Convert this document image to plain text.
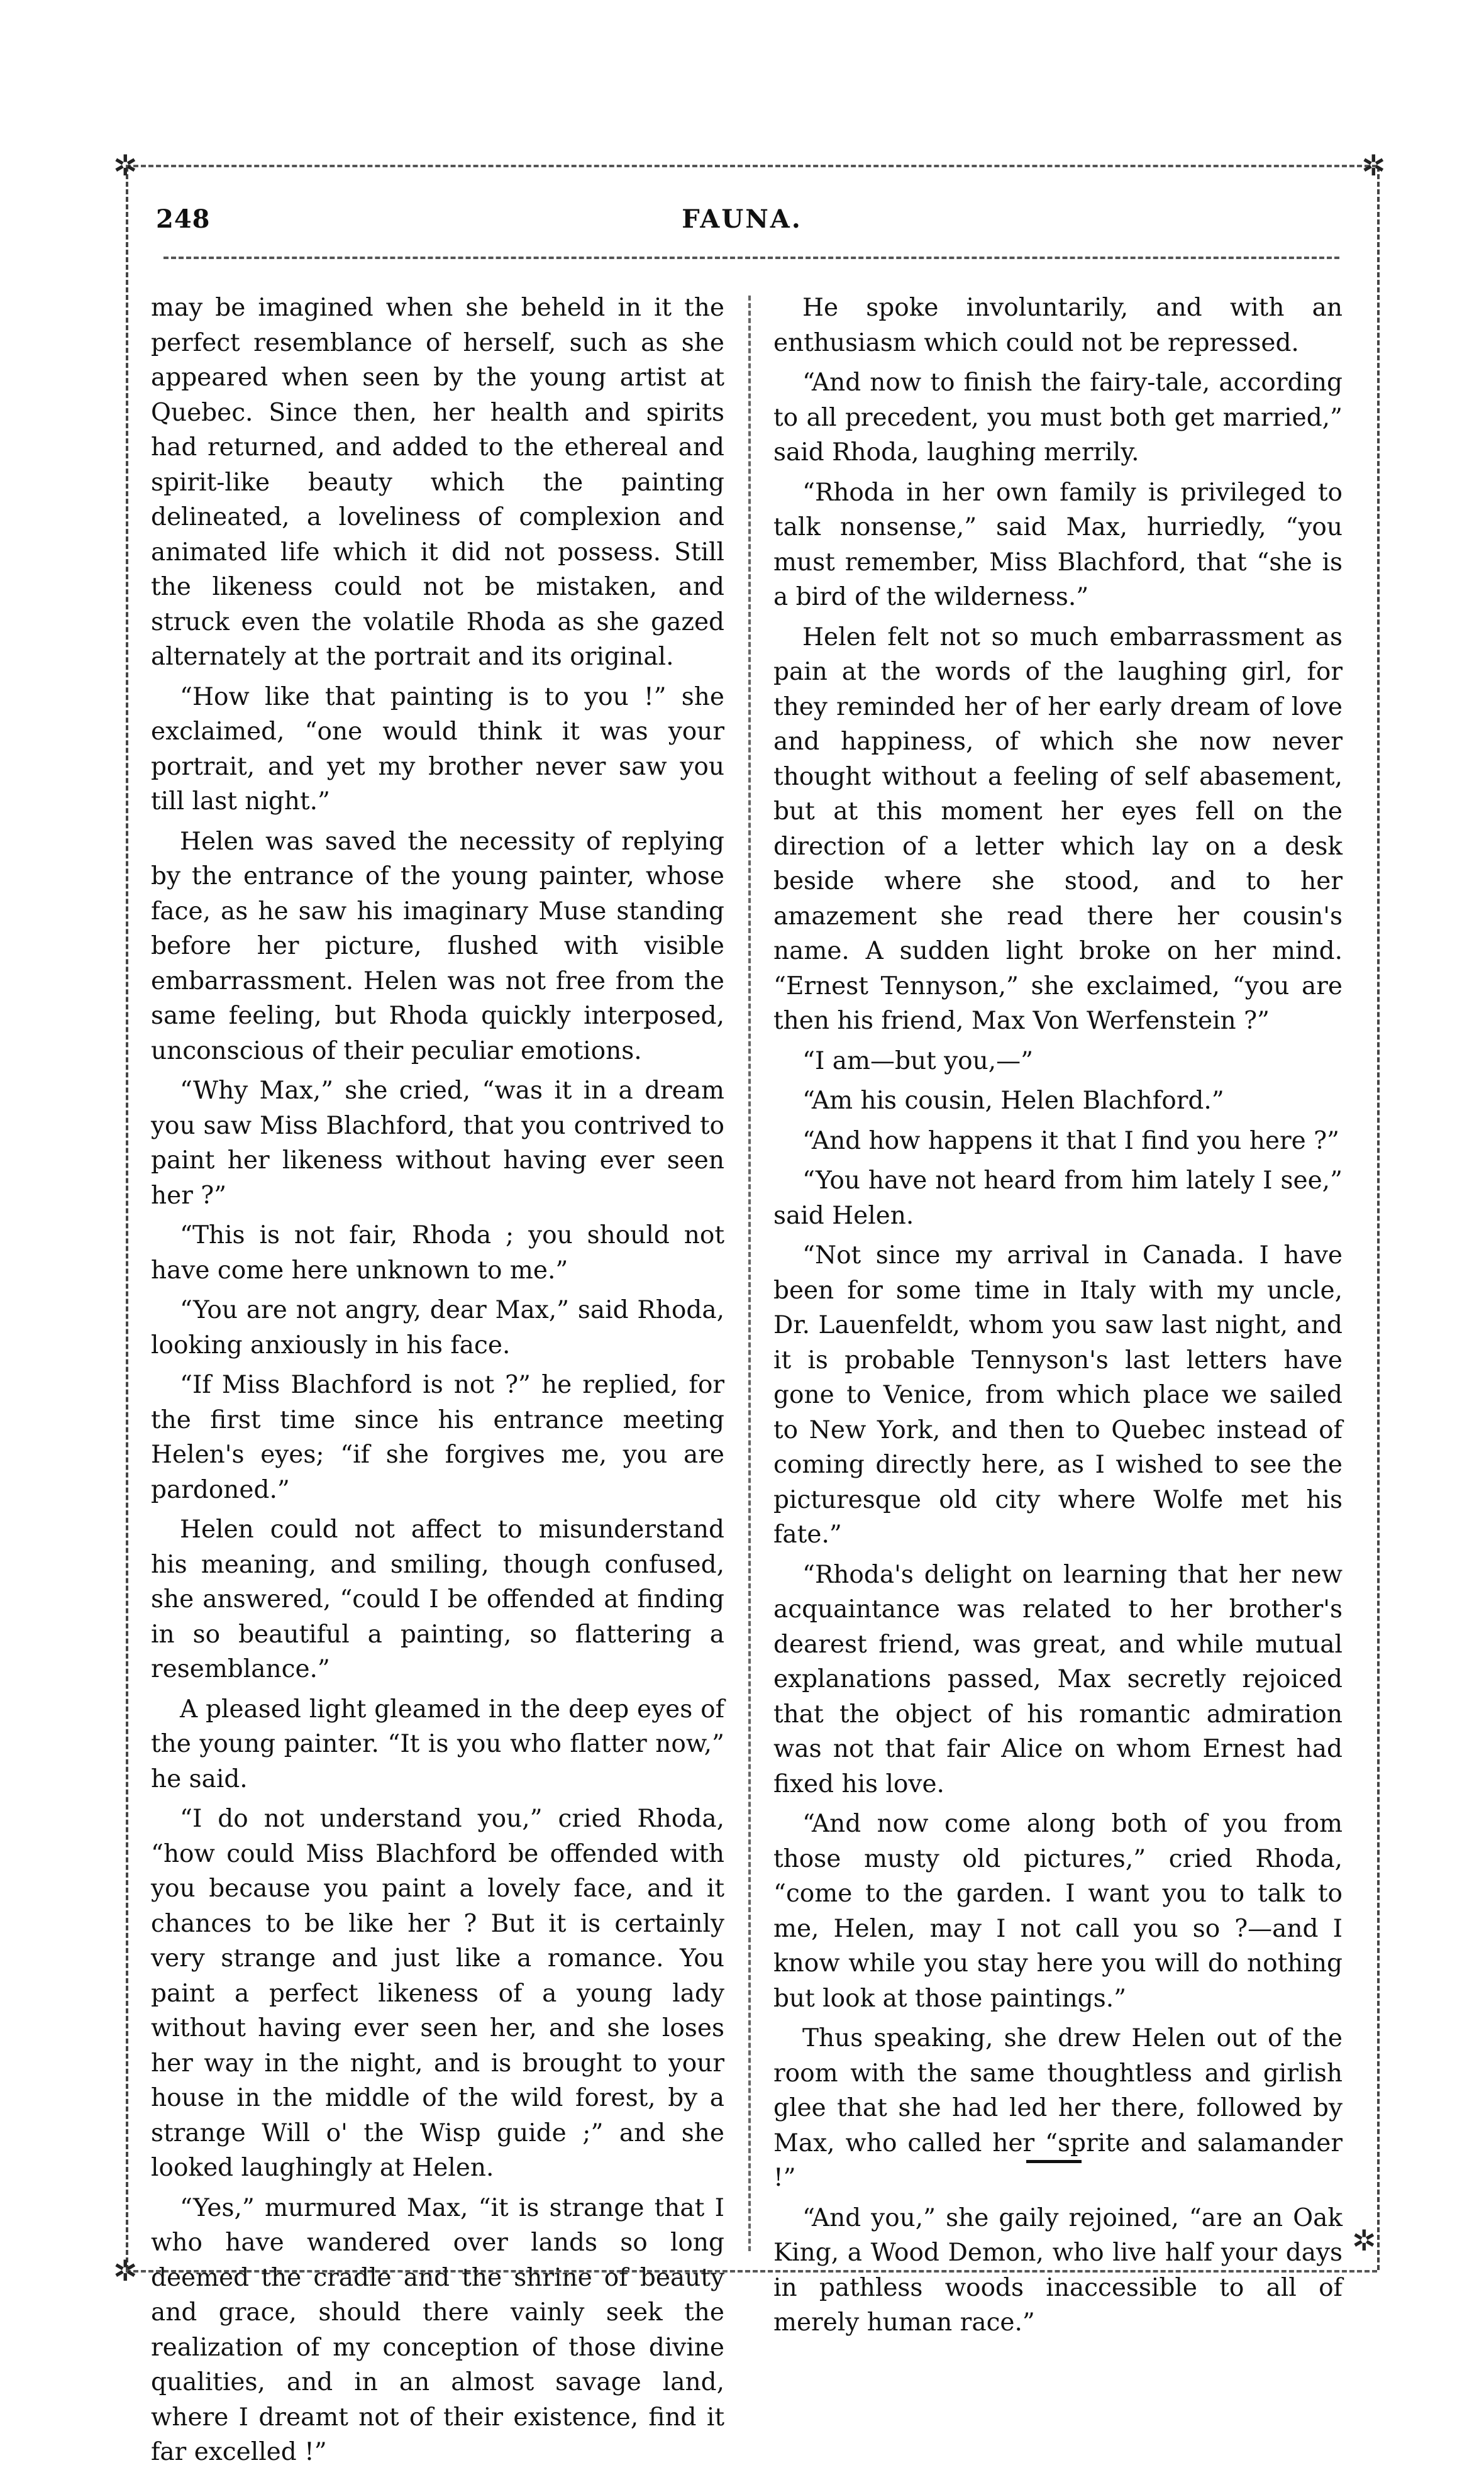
✲	✲
✲
✲
248	FAUNA.

may be imagined when she beheld in it the perfect resemblance of herself, such as she appeared when seen by the young artist at Quebec. Since then, her health and spirits had returned, and added to the ethereal and spirit-like beauty which the painting delineated, a loveliness of complexion and animated life which it did not possess. Still the likeness could not be mistaken, and struck even the volatile Rhoda as she gazed alternately at the portrait and its original.

“How like that painting is to you !” she exclaimed, “one would think it was your portrait, and yet my brother never saw you till last night.”

Helen was saved the necessity of replying by the entrance of the young painter, whose face, as he saw his imaginary Muse standing before her picture, flushed with visible embarrassment. Helen was not free from the same feeling, but Rhoda quickly interposed, unconscious of their peculiar emotions.

“Why Max,” she cried, “was it in a dream you saw Miss Blachford, that you contrived to paint her likeness without having ever seen her ?”

“This is not fair, Rhoda ; you should not have come here unknown to me.”

“You are not angry, dear Max,” said Rhoda, looking anxiously in his face.

“If Miss Blachford is not ?” he replied, for the first time since his entrance meeting Helen's eyes; “if she forgives me, you are pardoned.”

Helen could not affect to misunderstand his meaning, and smiling, though confused, she answered, “could I be offended at finding in so beautiful a painting, so flattering a resemblance.”

A pleased light gleamed in the deep eyes of the young painter. “It is you who flatter now,” he said.

“I do not understand you,” cried Rhoda, “how could Miss Blachford be offended with you because you paint a lovely face, and it chances to be like her ? But it is certainly very strange and just like a romance. You paint a perfect likeness of a young lady without having ever seen her, and she loses her way in the night, and is brought to your house in the middle of the wild forest, by a strange Will o' the Wisp guide ;” and she looked laughingly at Helen.

“Yes,” murmured Max, “it is strange that I who have wandered over lands so long deemed the cradle and the shrine of beauty and grace, should there vainly seek the realization of my conception of those divine qualities, and in an almost savage land, where I dreamt not of their existence, find it far excelled !”

He spoke involuntarily, and with an enthusiasm which could not be repressed.

“And now to finish the fairy-tale, according to all precedent, you must both get married,” said Rhoda, laughing merrily.

“Rhoda in her own family is privileged to talk nonsense,” said Max, hurriedly, “you must remember, Miss Blachford, that “she is a bird of the wilderness.”

Helen felt not so much embarrassment as pain at the words of the laughing girl, for they reminded her of her early dream of love and happiness, of which she now never thought without a feeling of self abasement, but at this moment her eyes fell on the direction of a letter which lay on a desk beside where she stood, and to her amazement she read there her cousin's name. A sudden light broke on her mind. “Ernest Tennyson,” she exclaimed, “you are then his friend, Max Von Werfenstein ?”

“I am—but you,—”

“Am his cousin, Helen Blachford.”

“And how happens it that I find you here ?”

“You have not heard from him lately I see,” said Helen.

“Not since my arrival in Canada. I have been for some time in Italy with my uncle, Dr. Lauenfeldt, whom you saw last night, and it is probable Tennyson's last letters have gone to Venice, from which place we sailed to New York, and then to Quebec instead of coming directly here, as I wished to see the picturesque old city where Wolfe met his fate.”

“Rhoda's delight on learning that her new acquaintance was related to her brother's dearest friend, was great, and while mutual explanations passed, Max secretly rejoiced that the object of his romantic admiration was not that fair Alice on whom Ernest had fixed his love.

“And now come along both of you from those musty old pictures,” cried Rhoda, “come to the garden. I want you to talk to me, Helen, may I not call you so ?—and I know while you stay here you will do nothing but look at those paintings.”

Thus speaking, she drew Helen out of the room with the same thoughtless and girlish glee that she had led her there, followed by Max, who called her “sprite and salamander !”

“And you,” she gaily rejoined, “are an Oak King, a Wood Demon, who live half your days in pathless woods inaccessible to all of merely human race.”
